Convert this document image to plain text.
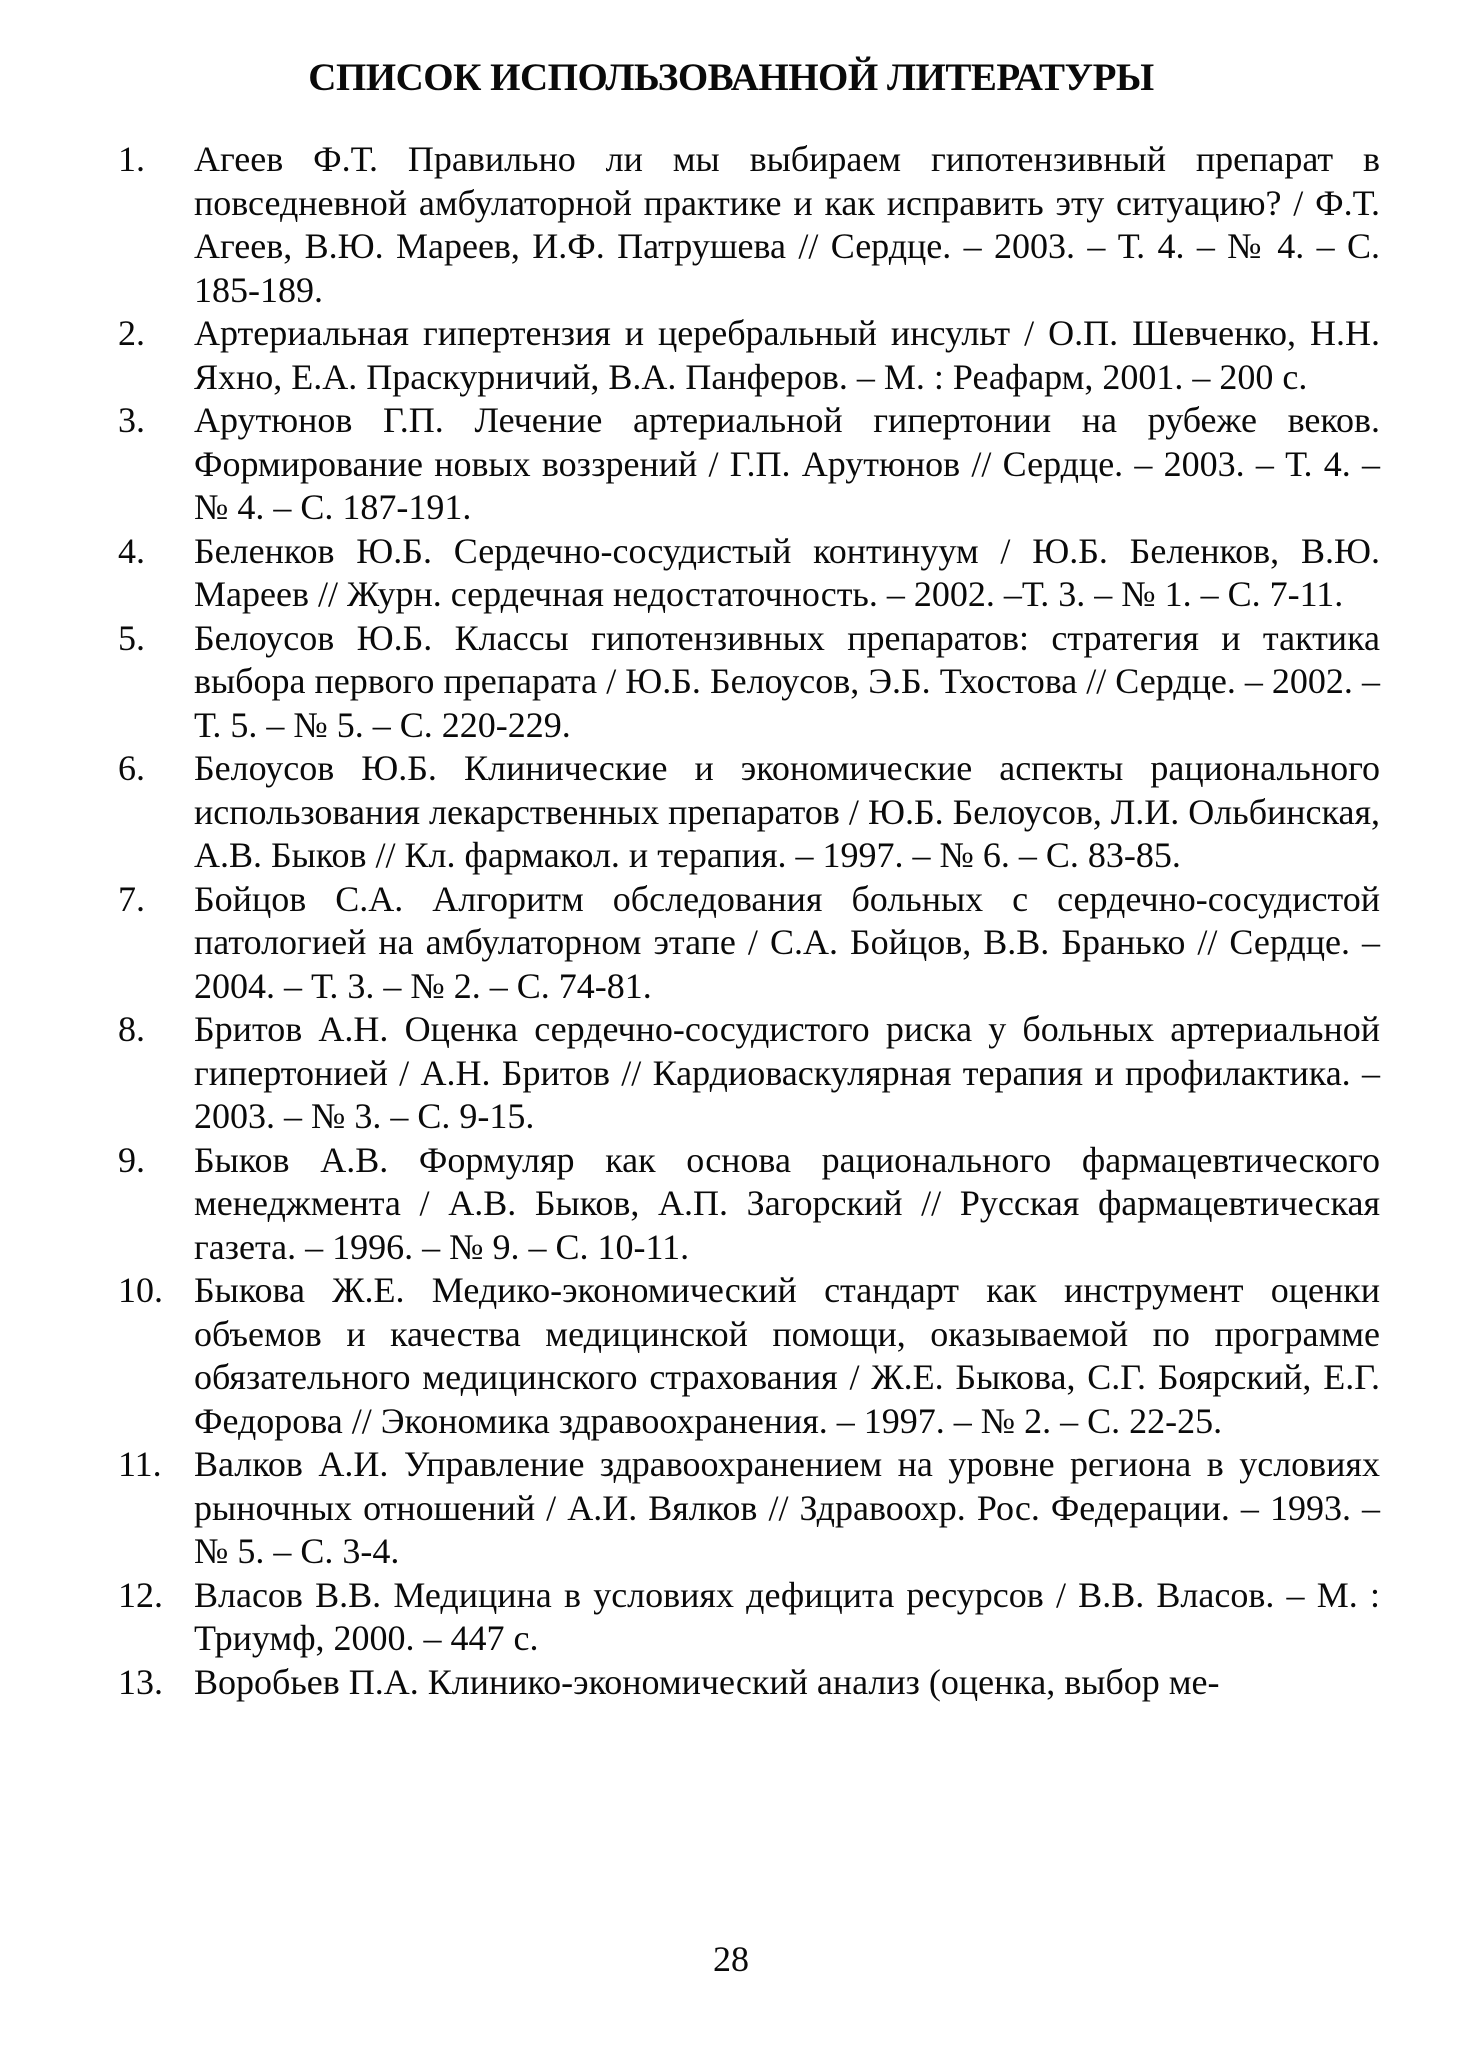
СПИСОК ИСПОЛЬЗОВАННОЙ ЛИТЕРАТУРЫ
1.	Агеев Ф.Т. Правильно ли мы выбираем гипотензивный препарат в повседневной амбулаторной практике и как исправить эту ситуацию? / Ф.Т. Агеев, В.Ю. Мареев, И.Ф. Патрушева // Сердце. – 2003. – Т. 4. – № 4. – С. 185-189.
2.	Артериальная гипертензия и церебральный инсульт / О.П. Шевченко, Н.Н. Яхно, Е.А. Праскурничий, В.А. Панферов. – М. : Реафарм, 2001. – 200 с.
3.	Арутюнов Г.П. Лечение артериальной гипертонии на рубеже веков. Формирование новых воззрений / Г.П. Арутюнов // Сердце. – 2003. – Т. 4. – № 4. – С. 187-191.
4.	Беленков Ю.Б. Сердечно-сосудистый континуум / Ю.Б. Беленков, В.Ю. Мареев // Журн. сердечная недостаточность. – 2002. –Т. 3. – № 1. – С. 7-11.
5.	Белоусов Ю.Б. Классы гипотензивных препаратов: стратегия и тактика выбора первого препарата / Ю.Б. Белоусов, Э.Б. Тхостова // Сердце. – 2002. – Т. 5. – № 5. – С. 220-229.
6.	Белоусов Ю.Б. Клинические и экономические аспекты рационального использования лекарственных препаратов / Ю.Б. Белоусов, Л.И. Ольбинская, А.В. Быков // Кл. фармакол. и терапия. – 1997. – № 6. – С. 83-85.
7.	Бойцов С.А. Алгоритм обследования больных с сердечно-сосудистой патологией на амбулаторном этапе / С.А. Бойцов, В.В. Бранько // Сердце. – 2004. – Т. 3. – № 2. – С. 74-81.
8.	Бритов А.Н. Оценка сердечно-сосудистого риска у больных артериальной гипертонией / А.Н. Бритов // Кардиоваскулярная терапия и профилактика. – 2003. – № 3. – С. 9-15.
9.	Быков А.В. Формуляр как основа рационального фармацевтического менеджмента / А.В. Быков, А.П. Загорский // Русская фармацевтическая газета. – 1996. – № 9. – С. 10-11.
10. Быкова Ж.Е. Медико-экономический стандарт как инструмент оценки объемов и качества медицинской помощи, оказываемой по программе обязательного медицинского страхования / Ж.Е. Быкова, С.Г. Боярский, Е.Г. Федорова // Экономика здравоохранения. – 1997. – № 2. – С. 22-25.
11. Валков А.И. Управление здравоохранением на уровне региона в условиях рыночных отношений / А.И. Вялков // Здравоохр. Рос. Федерации. – 1993. – № 5. – С. 3-4.
12. Власов В.В. Медицина в условиях дефицита ресурсов / В.В. Власов. – М. : Триумф, 2000. – 447 с.
13. Воробьев П.А. Клинико-экономический анализ (оценка, выбор ме-
28
